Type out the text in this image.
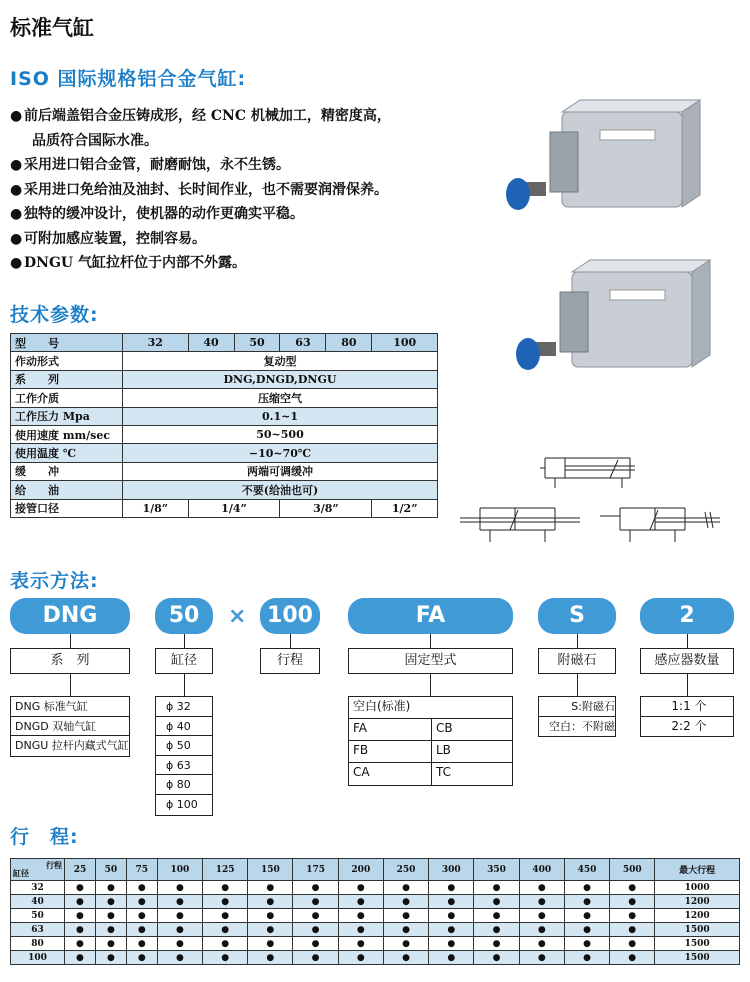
标准气缸
ISO 国际规格铝合金气缸:
● 前后端盖铝合金压铸成形，经 CNC 机械加工，精密度高，
品质符合国际水准。
● 采用进口铝合金管，耐磨耐蚀，永不生锈。
● 采用进口免给油及油封、长时间作业，也不需要润滑保养。
● 独特的缓冲设计，使机器的动作更确实平稳。
● 可附加感应装置，控制容易。
● DNGU 气缸拉杆位于内部不外露。
技术参数:
型　　号	32	40	50	63	80	100
作动形式	复动型					
系　　列	DNG,DNGD,DNGU					
工作介质	压缩空气					
工作压力 Mpa	0.1~1					
使用速度 mm/sec	50~500					
使用温度 ℃	−10~70℃					
缓　　冲	两端可调缓冲					
给　　油	不要(给油也可)					
接管口径	1/8”	1/4”		3/8”		1/2”
表示方法:
DNG	50	× 100	FA	S	2
系　列	缸径	行程	固定型式	附磁石	感应器数量
DNG 标准气缸
DNGD 双轴气缸
DNGU 拉杆内藏式气缸
ϕ 32
ϕ 40
ϕ 50
ϕ 63
ϕ 80
ϕ 100
空白(标准)
FA	CB
FB	LB
CA	TC
S:附磁石
空白：不附磁
1:1 个
2:2 个
行　程:
行程
缸径	25	50	75	100	125	150	175	200	250	300	350	400	450	500	最大行程
32	●	●	●	●	●	●	●	●	●	●	●	●	●	●	1000
40	●	●	●	●	●	●	●	●	●	●	●	●	●	●	1200
50	●	●	●	●	●	●	●	●	●	●	●	●	●	●	1200
63	●	●	●	●	●	●	●	●	●	●	●	●	●	●	1500
80	●	●	●	●	●	●	●	●	●	●	●	●	●	●	1500
100	●	●	●	●	●	●	●	●	●	●	●	●	●	●	1500
